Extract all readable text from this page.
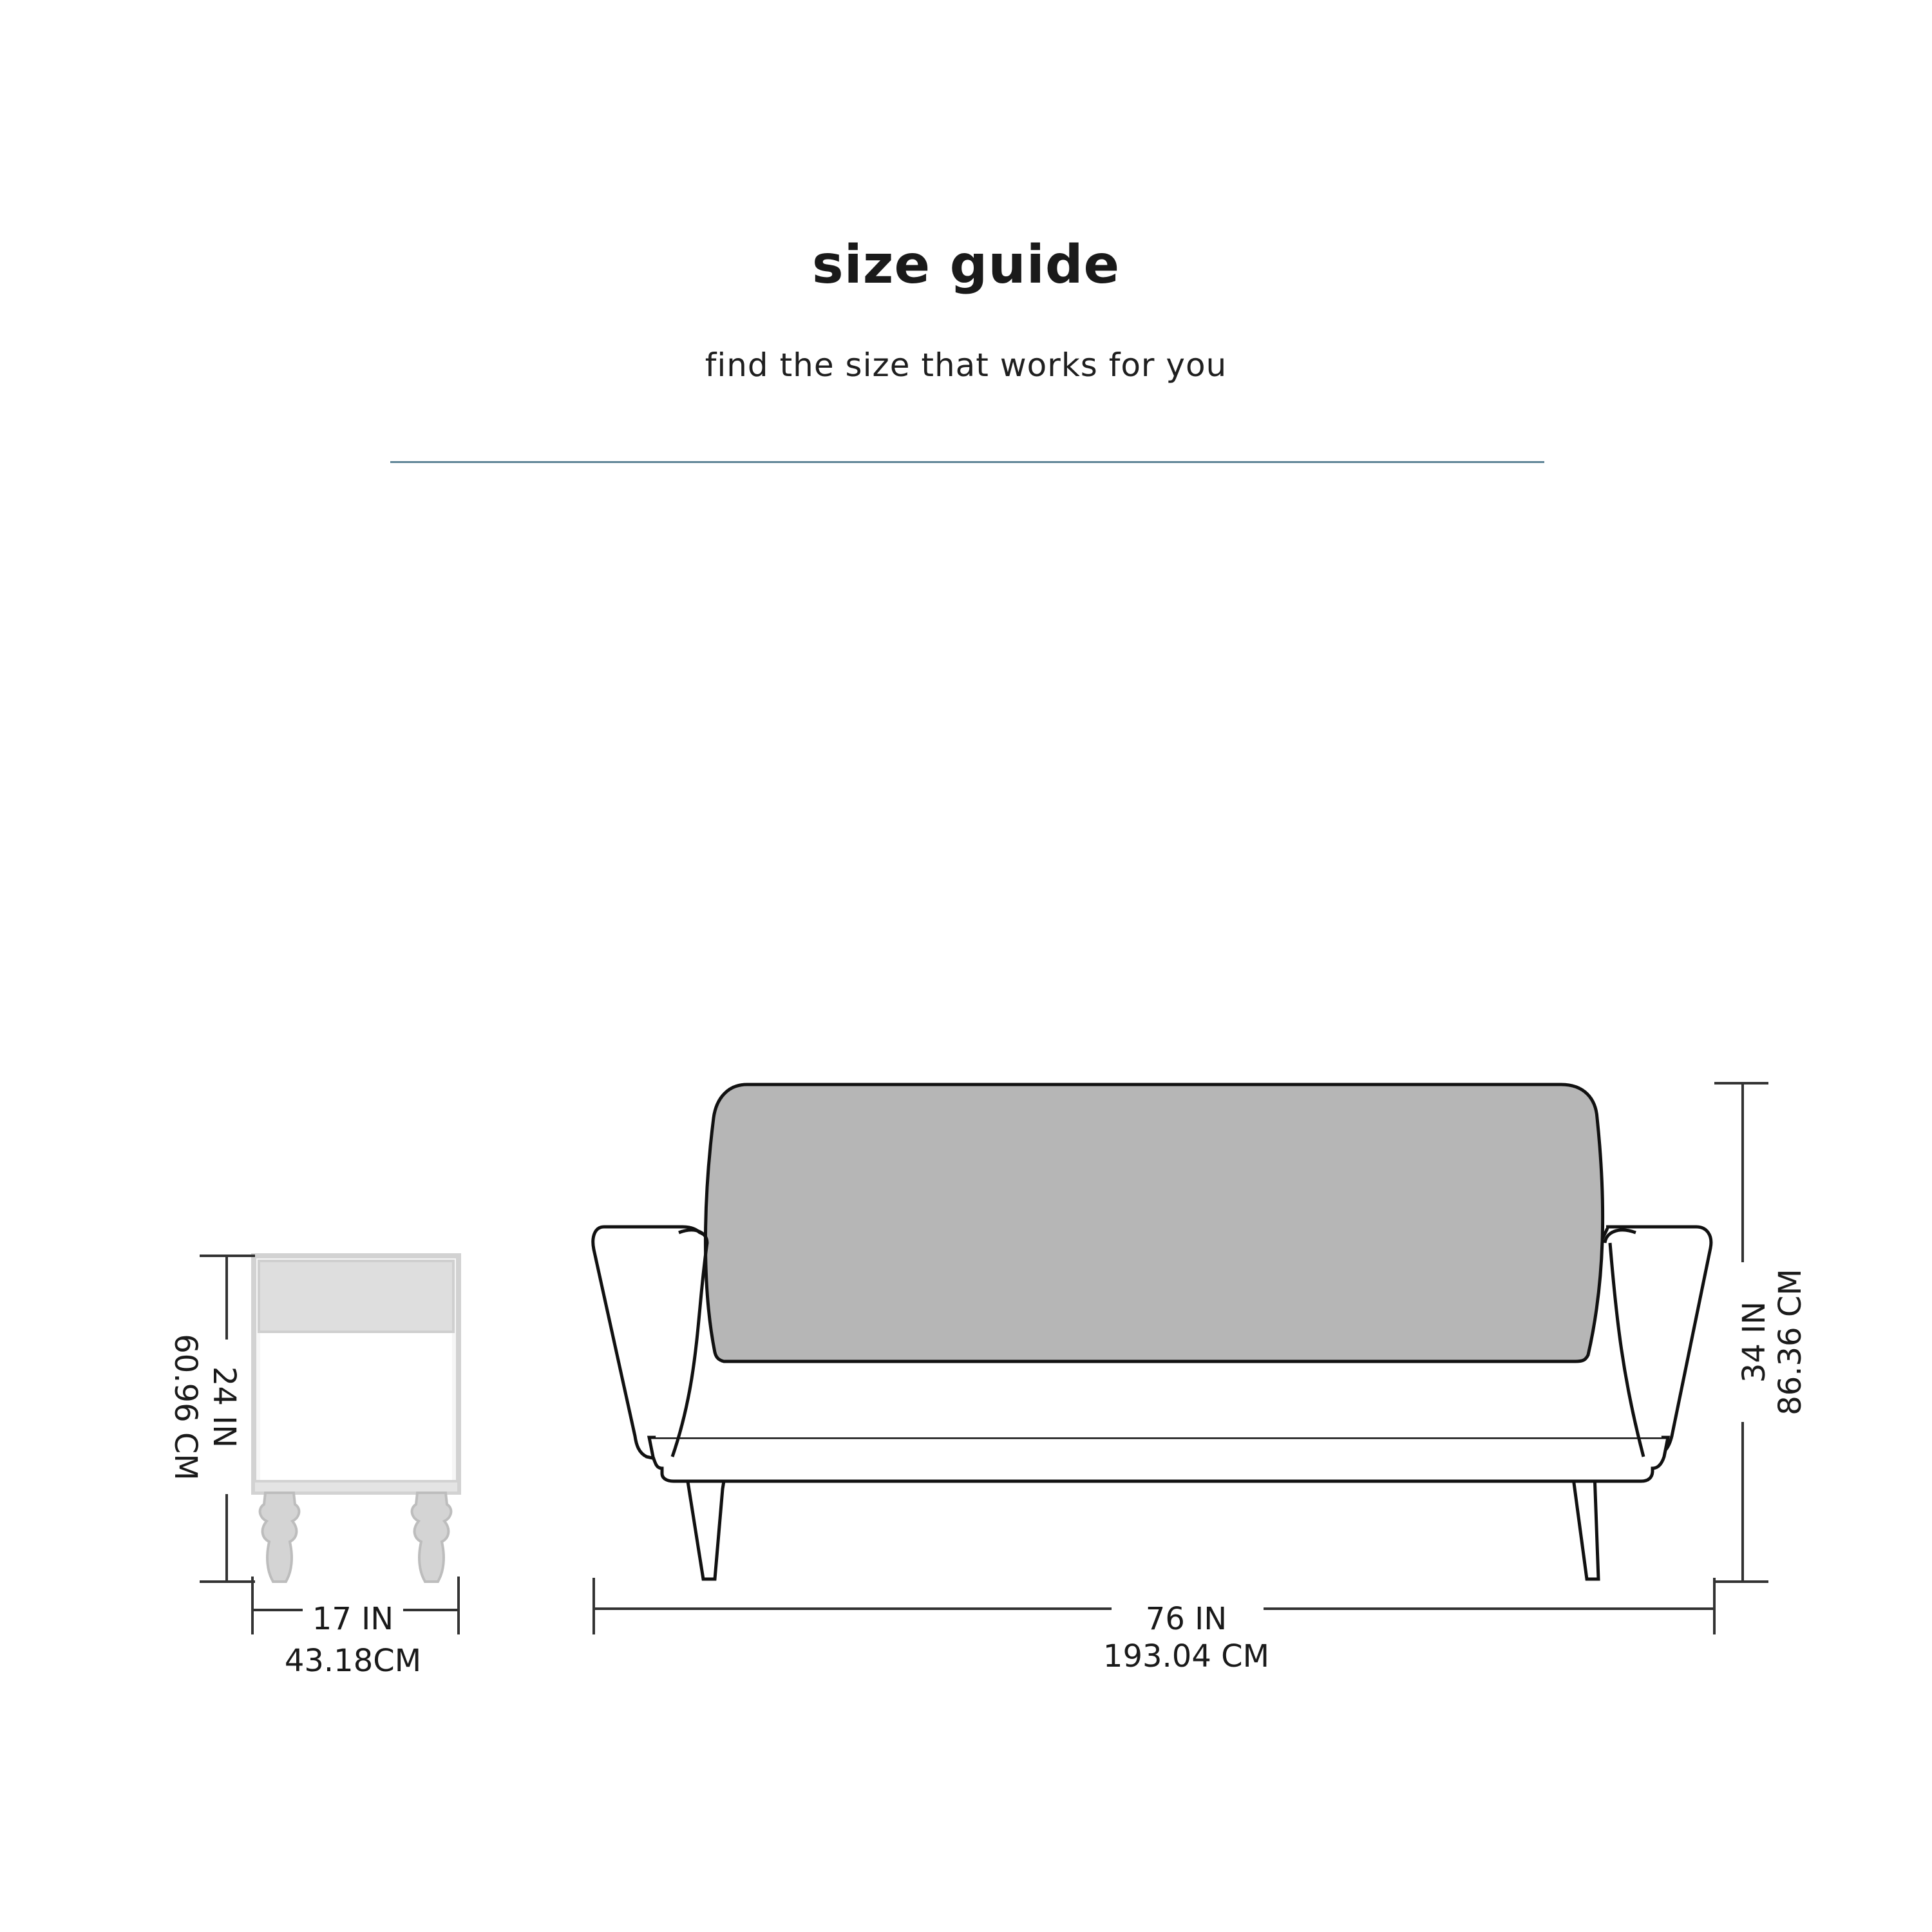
size guide
find the size that works for you
24 IN
60.96 CM
17 IN
43.18CM
76 IN
193.04 CM
34 IN 86.36 CM
